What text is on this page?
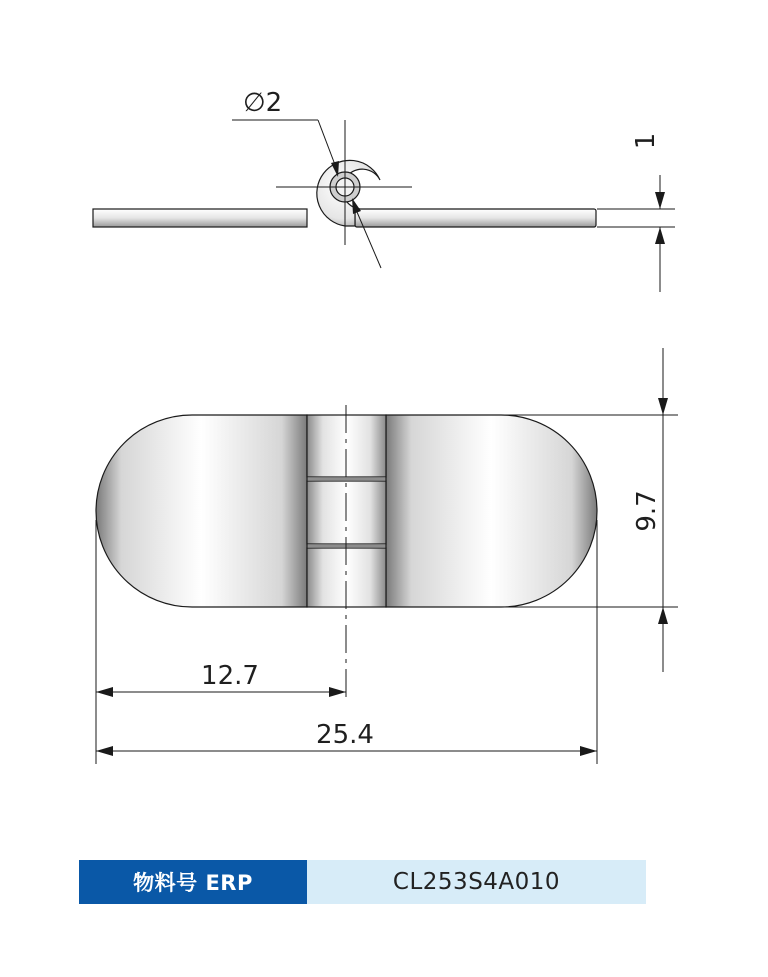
∅2
1
9.7
12.7
25.4
物料号 ERP	CL253S4A010
